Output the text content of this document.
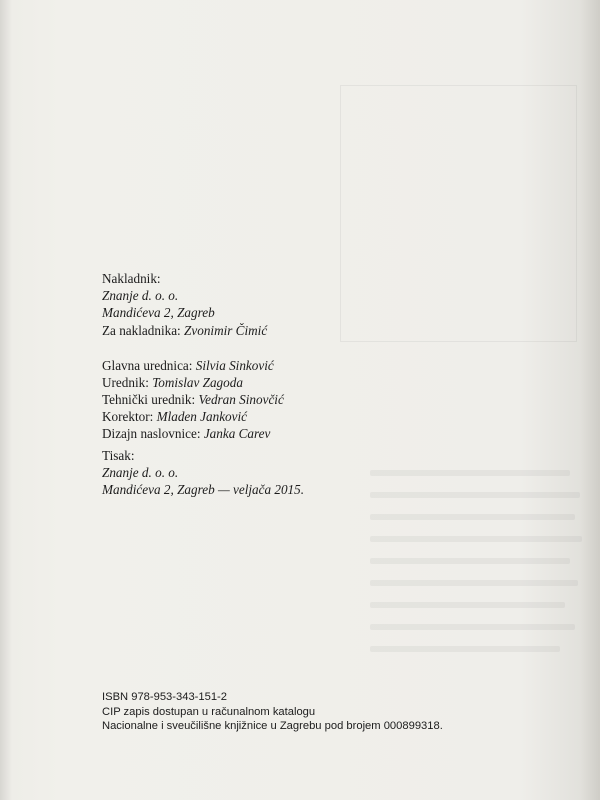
Nakladnik:
Znanje d. o. o.
Mandićeva 2, Zagreb
Za nakladnika: Zvonimir Čimić
Glavna urednica: Silvia Sinković
Urednik: Tomislav Zagoda
Tehnički urednik: Vedran Sinovčić
Korektor: Mladen Janković
Dizajn naslovnice: Janka Carev
Tisak:
Znanje d. o. o.
Mandićeva 2, Zagreb — veljača 2015.
ISBN 978-953-343-151-2
CIP zapis dostupan u računalnom katalogu
Nacionalne i sveučilišne knjižnice u Zagrebu pod brojem 000899318.
